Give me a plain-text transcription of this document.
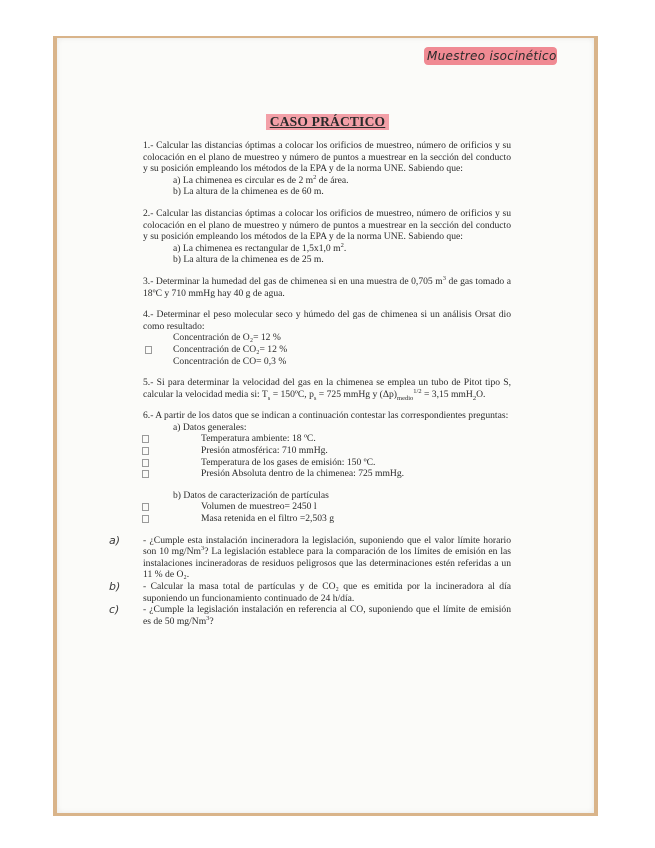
Muestreo isocinético
CASO PRÁCTICO

1.- Calcular las distancias óptimas a colocar los orificios de muestreo, número de orificios y su colocación en el plano de muestreo y número de puntos a muestrear en la sección del conducto y su posición empleando los métodos de la EPA y de la norma UNE. Sabiendo que:

a) La chimenea es circular es de 2 $m^2$ de área.

b) La altura de la chimenea es de 60 m.

2.- Calcular las distancias óptimas a colocar los orificios de muestreo, número de orificios y su colocación en el plano de muestreo y número de puntos a muestrear en la sección del conducto y su posición empleando los métodos de la EPA y de la norma UNE. Sabiendo que:

a) La chimenea es rectangular de 1,5x1,0 $m^2$.

b) La altura de la chimenea es de 25 m.

3.- Determinar la humedad del gas de chimenea si en una muestra de 0,705 $m^3$ de gas tomado a 18ºC y 710 mmHg hay 40 g de agua.

4.- Determinar el peso molecular seco y húmedo del gas de chimenea si un análisis Orsat dio como resultado:

Concentración de O₂= 12 %

Concentración de CO₂= 12 %

Concentración de CO= 0,3 %

5.- Si para determinar la velocidad del gas en la chimenea se emplea un tubo de Pitot tipo S, calcular la velocidad media si: $T_s$ = 150ºC, $p_s = 725$ mmHg y $(\Delta p)_{medio}^{1/2} = 3,15$ mmH$_2$O.

6.- A partir de los datos que se indican a continuación contestar las correspondientes preguntas:

a) Datos generales:

Temperatura ambiente: 18 ºC.

Presión atmosférica: 710 mmHg.

Temperatura de los gases de emisión: 150 ºC.

Presión Absoluta dentro de la chimenea: 725 mmHg.

b) Datos de caracterización de partículas

Volumen de muestreo= 2450 l

Masa retenida en el filtro =2,503 g

a) - ¿Cumple esta instalación incineradora la legislación, suponiendo que el valor límite horario son 10 mg/Nm$^3$? La legislación establece para la comparación de los límites de emisión en las instalaciones incineradoras de residuos peligrosos que las determinaciones estén referidas a un 11 % de O₂.

b) - Calcular la masa total de partículas y de CO₂ que es emitida por la incineradora al día suponiendo un funcionamiento continuado de 24 h/día.

c) - ¿Cumple la legislación instalación en referencia al CO, suponiendo que el límite de emisión es de 50 mg/Nm$^3$?
